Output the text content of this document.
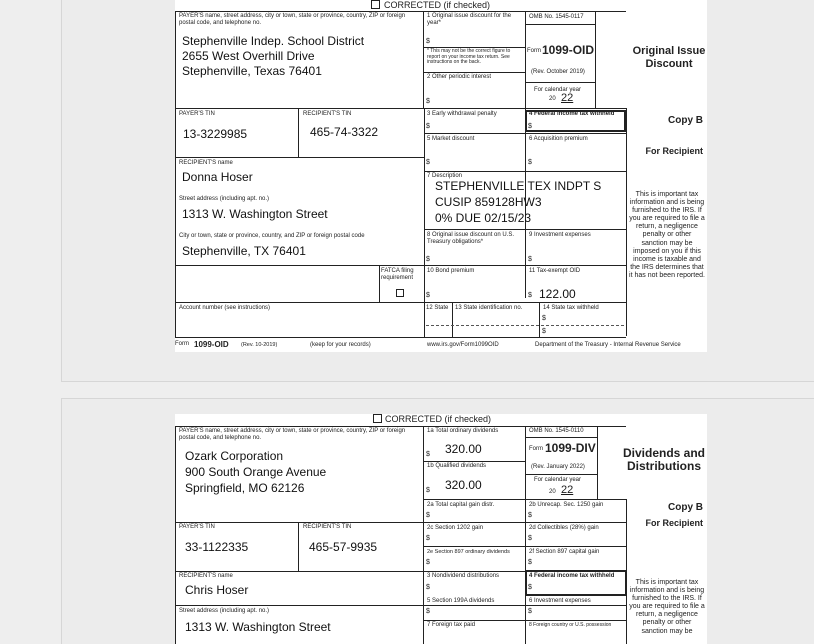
CORRECTED (if checked)
PAYER'S name, street address, city or town, state or province, country, ZIP or foreign postal code, and telephone no.
Stephenville Indep. School District
2655 West Overhill Drive
Stephenville, Texas 76401
1 Original issue discount for the year*
$
* This may not be the correct figure to report on your income tax return. See instructions on the back.
2 Other periodic interest
$
OMB No. 1545-0117
Form 1099-OID
(Rev. October 2019)
For calendar year
20 22
Original Issue Discount
PAYER'S TIN
13-3229985
RECIPIENT'S TIN
465-74-3322
3 Early withdrawal penalty
$
4 Federal income tax withheld
$
Copy B
For Recipient
5 Market discount
$
6 Acquisition premium
$
RECIPIENT'S name
Donna Hoser
Street address (including apt. no.)
1313 W. Washington Street
City or town, state or province, country, and ZIP or foreign postal code
Stephenville, TX 76401
7 Description
STEPHENVILLE TEX INDPT S
CUSIP 859128HW3
0% DUE 02/15/23
8 Original issue discount on U.S. Treasury obligations*
$
9 Investment expenses
$
FATCA filing requirement
10 Bond premium
$
11 Tax-exempt OID
$ 122.00
Account number (see instructions)	12 State 13 State identification no.	14 State tax withheld
$
$
This is important tax information and is being furnished to the IRS. If you are required to file a return, a negligence penalty or other sanction may be imposed on you if this income is taxable and the IRS determines that it has not been reported.
Form 1099-OID (Rev. 10-2019)	(keep for your records)	www.irs.gov/Form1099OID	Department of the Treasury - Internal Revenue Service
CORRECTED (if checked)
PAYER'S name, street address, city or town, state or province, country, ZIP or foreign postal code, and telephone no.
Ozark Corporation
900 South Orange Avenue
Springfield, MO 62126
1a Total ordinary dividends
$ 320.00
1b Qualified dividends
$ 320.00
OMB No. 1545-0110
Form 1099-DIV
(Rev. January 2022)
For calendar year
20 22
Dividends and Distributions
2a Total capital gain distr.
$
2b Unrecap. Sec. 1250 gain
$
Copy B
For Recipient
PAYER'S TIN
33-1122335
RECIPIENT'S TIN
465-57-9935
2c Section 1202 gain
$
2d Collectibles (28%) gain
$
2e Section 897 ordinary dividends
$
2f Section 897 capital gain
$
RECIPIENT'S name
Chris Hoser
3 Nondividend distributions
$
4 Federal income tax withheld
$
Street address (including apt. no.)
1313 W. Washington Street
5 Section 199A dividends
$
6 Investment expenses
$
7 Foreign tax paid	8 Foreign country or U.S. possession
This is important tax information and is being furnished to the IRS. If you are required to file a return, a negligence penalty or other sanction may be
